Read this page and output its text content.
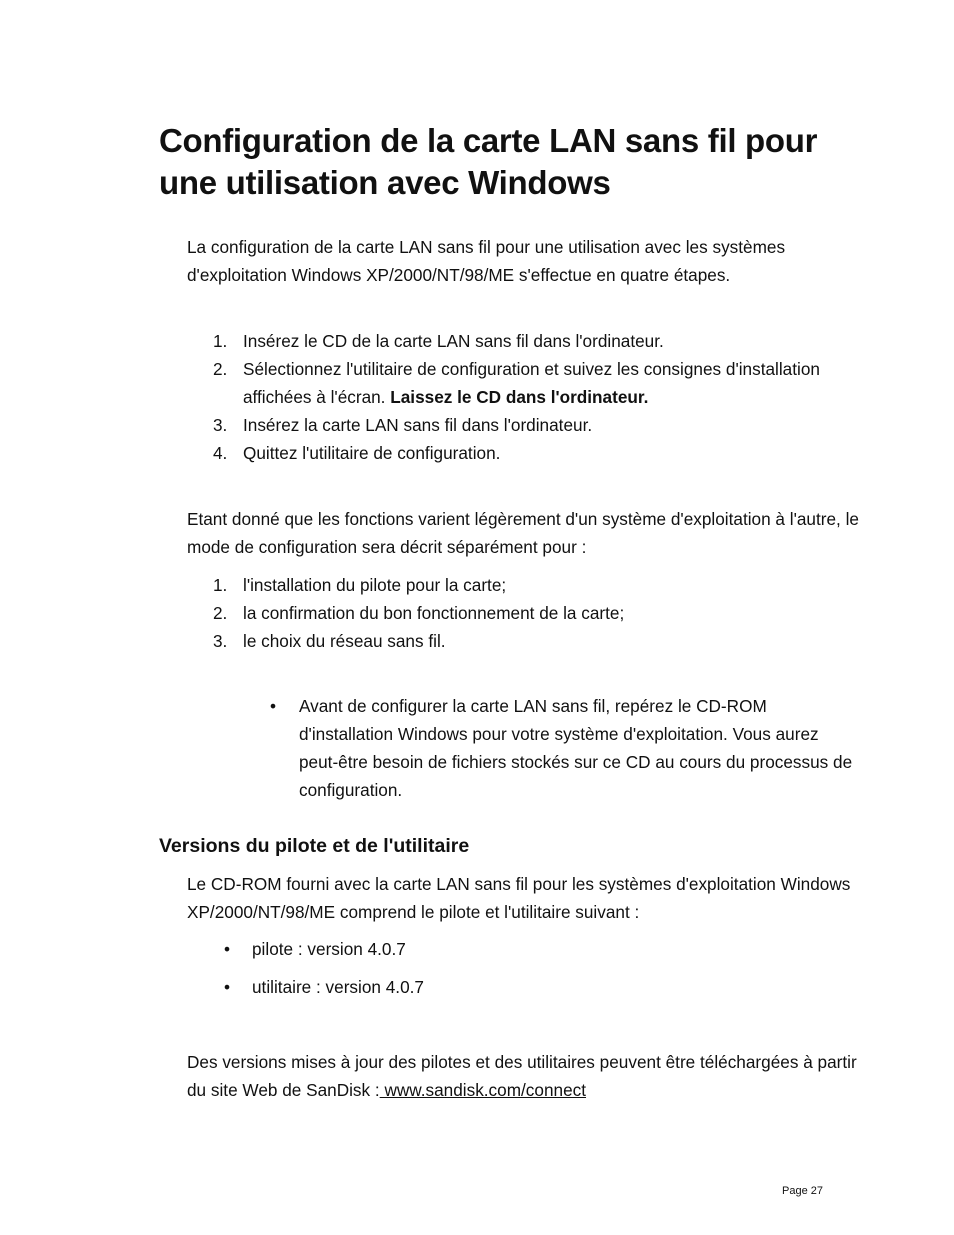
Configuration de la carte LAN sans fil pour une utilisation avec Windows

La configuration de la carte LAN sans fil pour une utilisation avec les systèmes d'exploitation Windows XP/2000/NT/98/ME s'effectue en quatre étapes.

1. Insérez le CD de la carte LAN sans fil dans l'ordinateur.
2. Sélectionnez l'utilitaire de configuration et suivez les consignes d'installation affichées à l'écran. Laissez le CD dans l'ordinateur.
3. Insérez la carte LAN sans fil dans l'ordinateur.
4. Quittez l'utilitaire de configuration.

Etant donné que les fonctions varient légèrement d'un système d'exploitation à l'autre, le mode de configuration sera décrit séparément pour :

1. l'installation du pilote pour la carte;
2. la confirmation du bon fonctionnement de la carte;
3. le choix du réseau sans fil.
• Avant de configurer la carte LAN sans fil, repérez le CD-ROM d'installation Windows pour votre système d'exploitation. Vous aurez peut-être besoin de fichiers stockés sur ce CD au cours du processus de configuration.
Versions du pilote et de l'utilitaire

Le CD-ROM fourni avec la carte LAN sans fil pour les systèmes d'exploitation Windows XP/2000/NT/98/ME comprend le pilote et l'utilitaire suivant :

• pilote : version 4.0.7
• utilitaire : version 4.0.7

Des versions mises à jour des pilotes et des utilitaires peuvent être téléchargées à partir du site Web de SanDisk : www.sandisk.com/connect

Page 27
